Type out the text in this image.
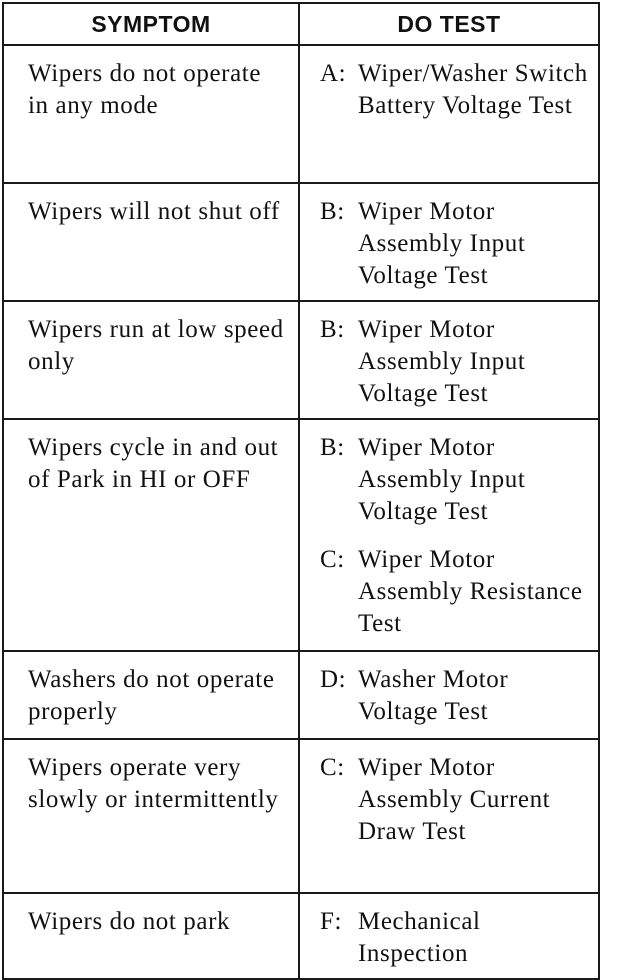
SYMPTOM	DO TEST
Wipers do not operate in any mode	A: Wiper/Washer Switch Battery Voltage Test

Wipers will not shut off	B: Wiper Motor Assembly Input Voltage Test

Wipers run at low speed only	B: Wiper Motor Assembly Input Voltage Test

Wipers cycle in and out of Park in HI or OFF	B: Wiper Motor Assembly Input Voltage Test
C: Wiper Motor Assembly Resistance Test

Washers do not operate properly	D: Washer Motor Voltage Test

Wipers operate very slowly or intermittently	C: Wiper Motor Assembly Current Draw Test

Wipers do not park	F: Mechanical Inspection
